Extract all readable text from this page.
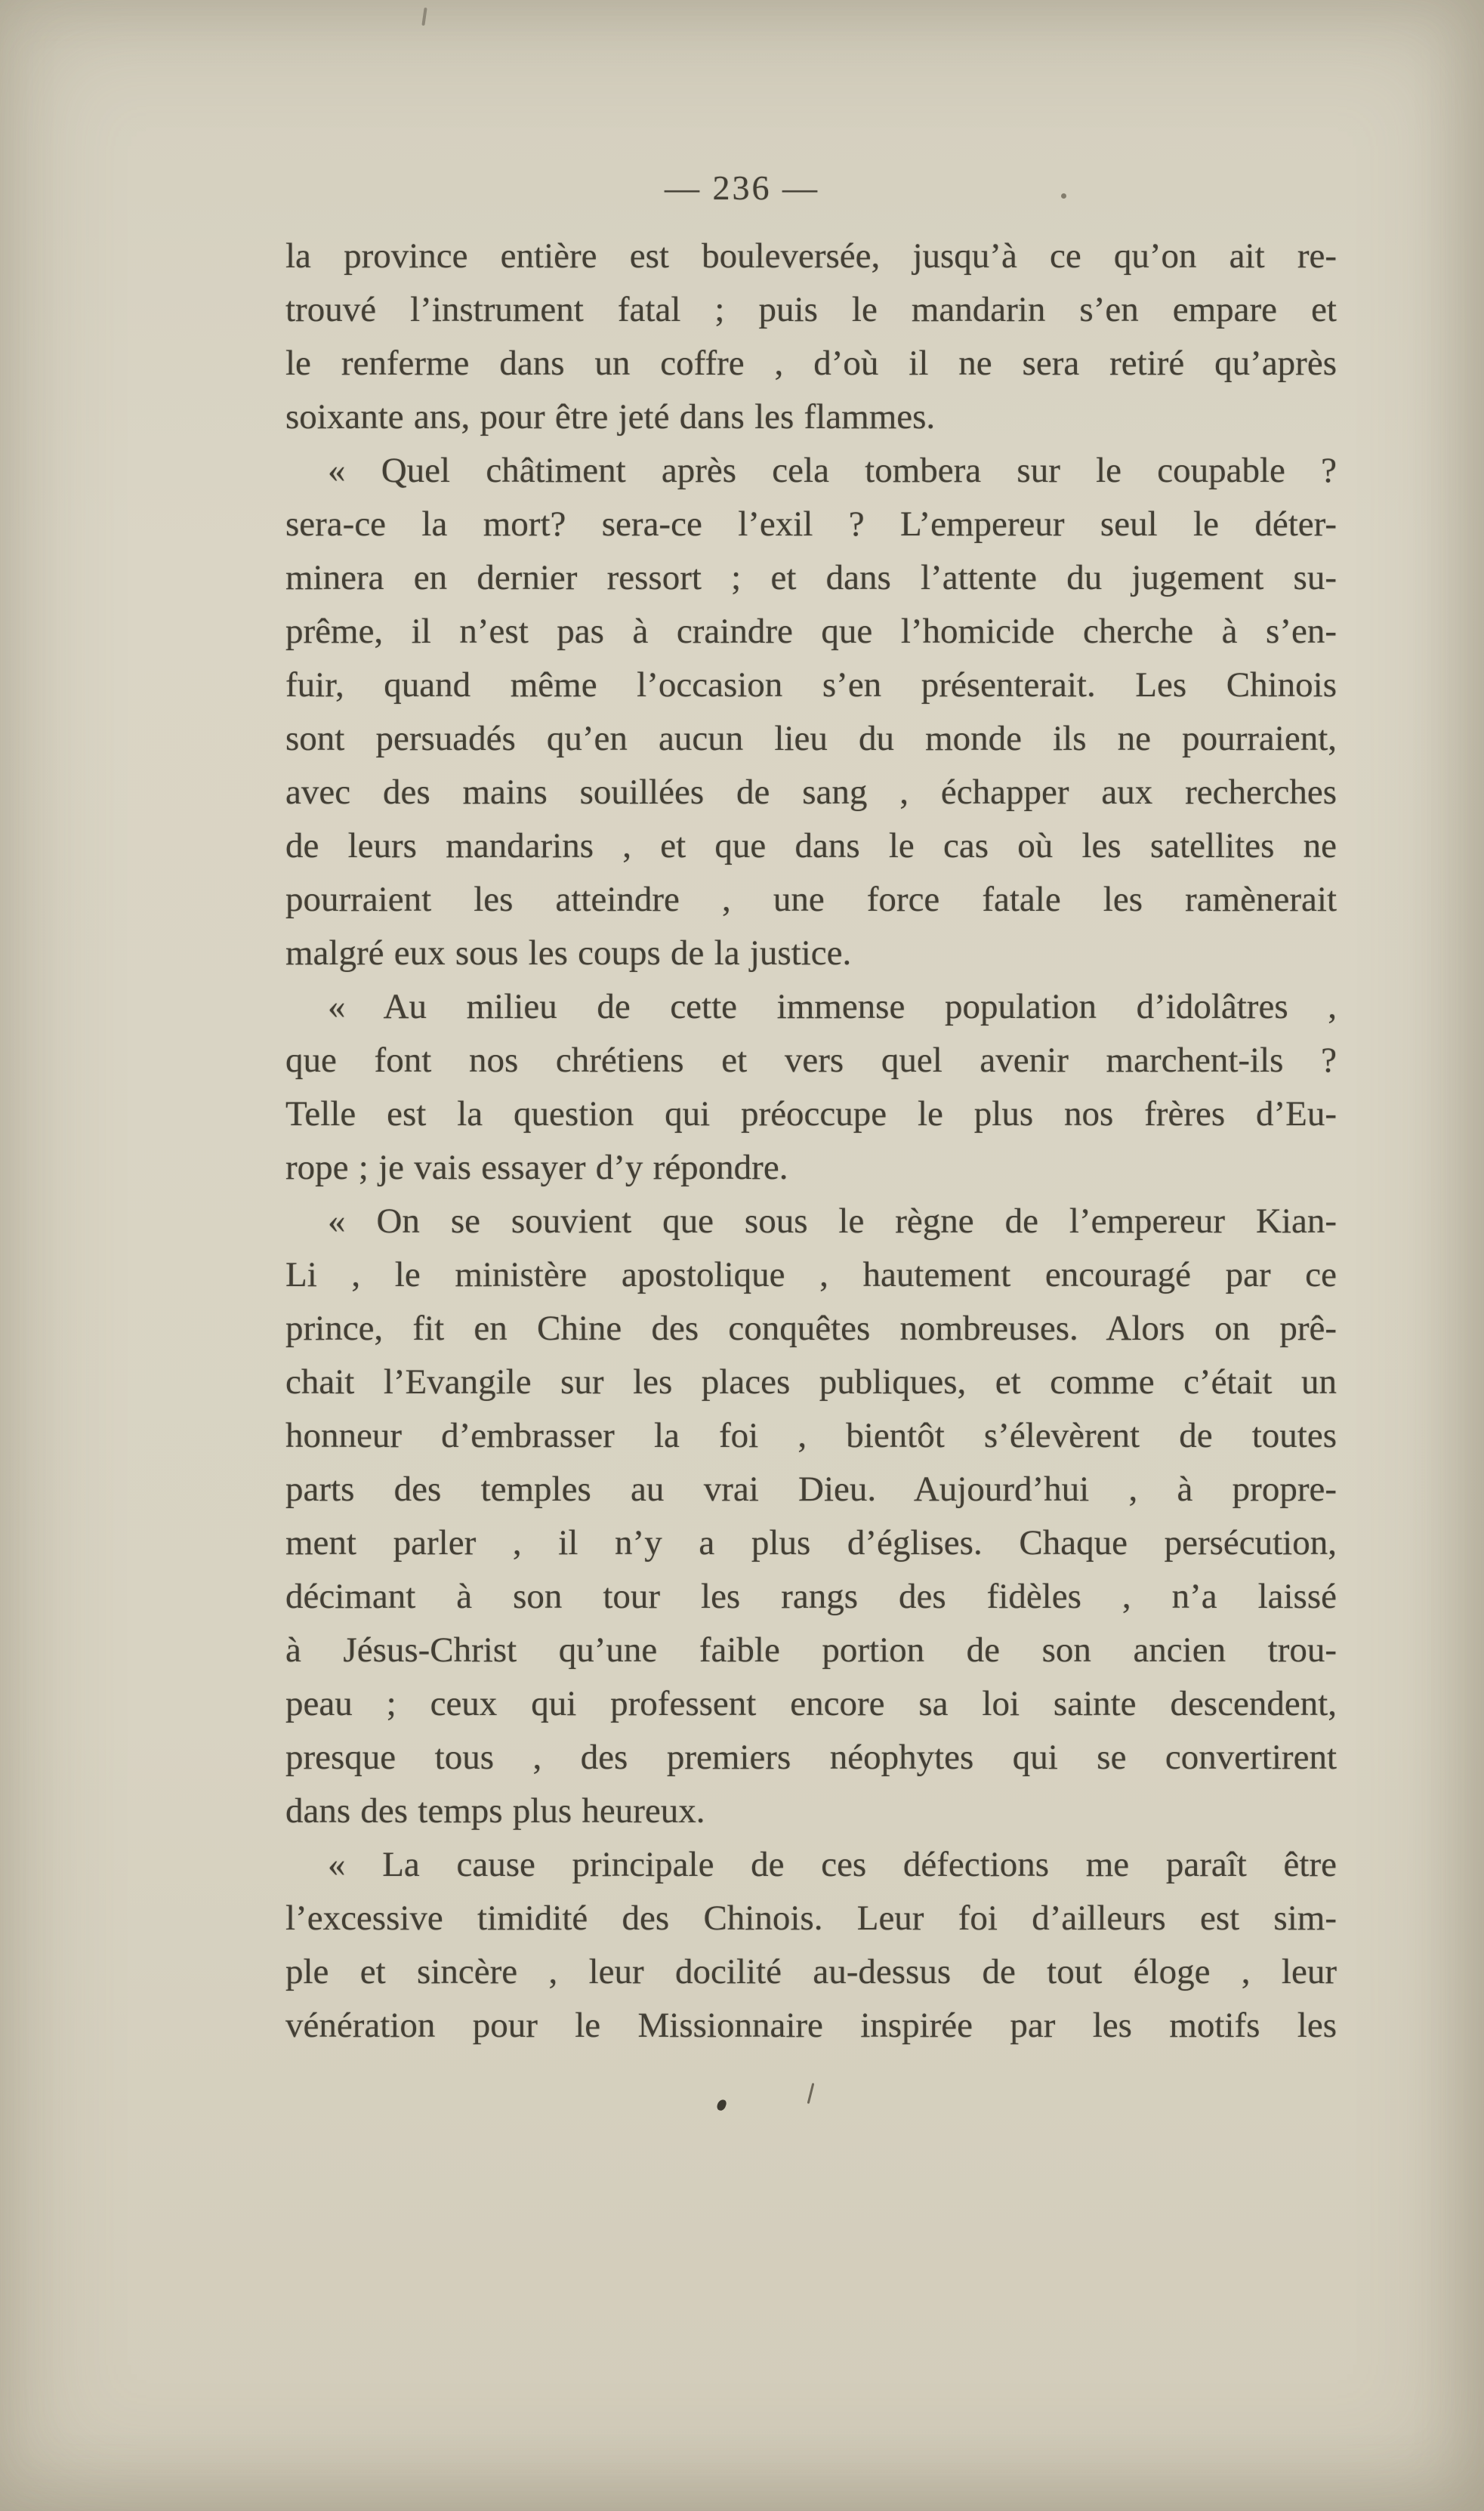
— 236 —
la province entière est bouleversée, jusqu’à ce qu’on ait re-
trouvé l’instrument fatal ; puis le mandarin s’en empare et
le renferme dans un coffre , d’où il ne sera retiré qu’après
soixante ans, pour être jeté dans les flammes.
« Quel châtiment après cela tombera sur le coupable ?
sera-ce la mort? sera-ce l’exil ? L’empereur seul le déter-
minera en dernier ressort ; et dans l’attente du jugement su-
prême, il n’est pas à craindre que l’homicide cherche à s’en-
fuir, quand même l’occasion s’en présenterait. Les Chinois
sont persuadés qu’en aucun lieu du monde ils ne pourraient,
avec des mains souillées de sang , échapper aux recherches
de leurs mandarins , et que dans le cas où les satellites ne
pourraient les atteindre , une force fatale les ramènerait
malgré eux sous les coups de la justice.
« Au milieu de cette immense population d’idolâtres ,
que font nos chrétiens et vers quel avenir marchent-ils ?
Telle est la question qui préoccupe le plus nos frères d’Eu-
rope ; je vais essayer d’y répondre.
« On se souvient que sous le règne de l’empereur Kian-
Li , le ministère apostolique , hautement encouragé par ce
prince, fit en Chine des conquêtes nombreuses. Alors on prê-
chait l’Evangile sur les places publiques, et comme c’était un
honneur d’embrasser la foi , bientôt s’élevèrent de toutes
parts des temples au vrai Dieu. Aujourd’hui , à propre-
ment parler , il n’y a plus d’églises. Chaque persécution,
décimant à son tour les rangs des fidèles , n’a laissé
à Jésus-Christ qu’une faible portion de son ancien trou-
peau ; ceux qui professent encore sa loi sainte descendent,
presque tous , des premiers néophytes qui se convertirent
dans des temps plus heureux.
« La cause principale de ces défections me paraît être
l’excessive timidité des Chinois. Leur foi d’ailleurs est sim-
ple et sincère , leur docilité au-dessus de tout éloge , leur
vénération pour le Missionnaire inspirée par les motifs les
